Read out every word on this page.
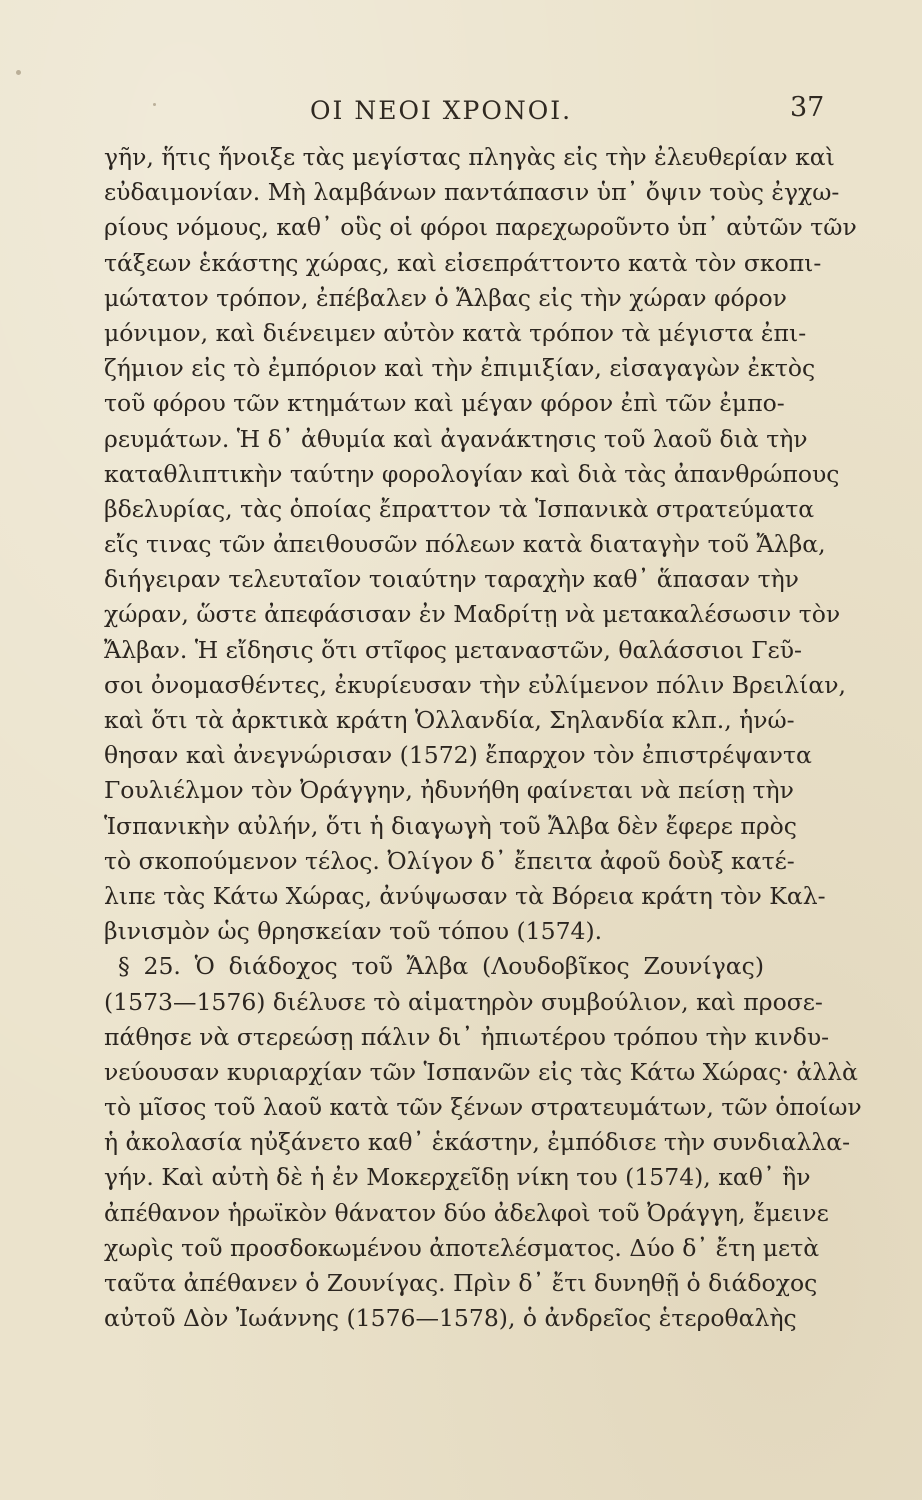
ΟΙ ΝΕΟΙ ΧΡΟΝΟΙ.	37
γῆν, ἥτις ἤνοιξε τὰς μεγίστας πληγὰς εἰς τὴν ἐλευθερίαν καὶ
εὐδαιμονίαν. Μὴ λαμβάνων παντάπασιν ὑπ᾽ ὄψιν τοὺς ἐγχω-
ρίους νόμους, καθ᾽ οὓς οἱ φόροι παρεχωροῦντο ὑπ᾽ αὐτῶν τῶν
τάξεων ἑκάστης χώρας, καὶ εἰσεπράττοντο κατὰ τὸν σκοπι-
μώτατον τρόπον, ἐπέβαλεν ὁ Ἄλβας εἰς τὴν χώραν φόρον
μόνιμον, καὶ διένειμεν αὐτὸν κατὰ τρόπον τὰ μέγιστα ἐπι-
ζήμιον εἰς τὸ ἐμπόριον καὶ τὴν ἐπιμιξίαν, εἰσαγαγὼν ἐκτὸς
τοῦ φόρου τῶν κτημάτων καὶ μέγαν φόρον ἐπὶ τῶν ἐμπο-
ρευμάτων. Ἡ δ᾽ ἀθυμία καὶ ἀγανάκτησις τοῦ λαοῦ διὰ τὴν
καταθλιπτικὴν ταύτην φορολογίαν καὶ διὰ τὰς ἀπανθρώπους
βδελυρίας, τὰς ὁποίας ἔπραττον τὰ Ἱσπανικὰ στρατεύματα
εἴς τινας τῶν ἀπειθουσῶν πόλεων κατὰ διαταγὴν τοῦ Ἄλβα,
διήγειραν τελευταῖον τοιαύτην ταραχὴν καθ᾽ ἅπασαν τὴν
χώραν, ὥστε ἀπεφάσισαν ἐν Μαδρίτῃ νὰ μετακαλέσωσιν τὸν
Ἄλβαν. Ἡ εἴδησις ὅτι στῖφος μεταναστῶν, θαλάσσιοι Γεῦ-
σοι ὀνομασθέντες, ἐκυρίευσαν τὴν εὐλίμενον πόλιν Βρειλίαν,
καὶ ὅτι τὰ ἀρκτικὰ κράτη Ὁλλανδία, Σηλανδία κλπ., ἡνώ-
θησαν καὶ ἀνεγνώρισαν (1572) ἔπαρχον τὸν ἐπιστρέψαντα
Γουλιέλμον τὸν Ὀράγγην, ἠδυνήθη φαίνεται νὰ πείσῃ τὴν
Ἱσπανικὴν αὐλήν, ὅτι ἡ διαγωγὴ τοῦ Ἄλβα δὲν ἔφερε πρὸς
τὸ σκοπούμενον τέλος. Ὀλίγον δ᾽ ἔπειτα ἀφοῦ δοὺξ κατέ-
λιπε τὰς Κάτω Χώρας, ἀνύψωσαν τὰ Βόρεια κράτη τὸν Καλ-
βινισμὸν ὡς θρησκείαν τοῦ τόπου (1574).
§ 25. Ὁ διάδοχος τοῦ Ἄλβα (Λουδοβῖκος Ζουνίγας)
(1573—1576) διέλυσε τὸ αἱματηρὸν συμβούλιον, καὶ προσε-
πάθησε νὰ στερεώσῃ πάλιν δι᾽ ἠπιωτέρου τρόπου τὴν κινδυ-
νεύουσαν κυριαρχίαν τῶν Ἱσπανῶν εἰς τὰς Κάτω Χώρας· ἀλλὰ
τὸ μῖσος τοῦ λαοῦ κατὰ τῶν ξένων στρατευμάτων, τῶν ὁποίων
ἡ ἀκολασία ηὐξάνετο καθ᾽ ἑκάστην, ἐμπόδισε τὴν συνδιαλλα-
γήν. Καὶ αὐτὴ δὲ ἡ ἐν Μοκερχεῖδῃ νίκη του (1574), καθ᾽ ἣν
ἀπέθανον ἡρωϊκὸν θάνατον δύο ἀδελφοὶ τοῦ Ὀράγγη, ἔμεινε
χωρὶς τοῦ προσδοκωμένου ἀποτελέσματος. Δύο δ᾽ ἔτη μετὰ
ταῦτα ἀπέθανεν ὁ Ζουνίγας. Πρὶν δ᾽ ἔτι δυνηθῇ ὁ διάδοχος
αὐτοῦ Δὸν Ἰωάννης (1576—1578), ὁ ἀνδρεῖος ἑτεροθαλὴς
